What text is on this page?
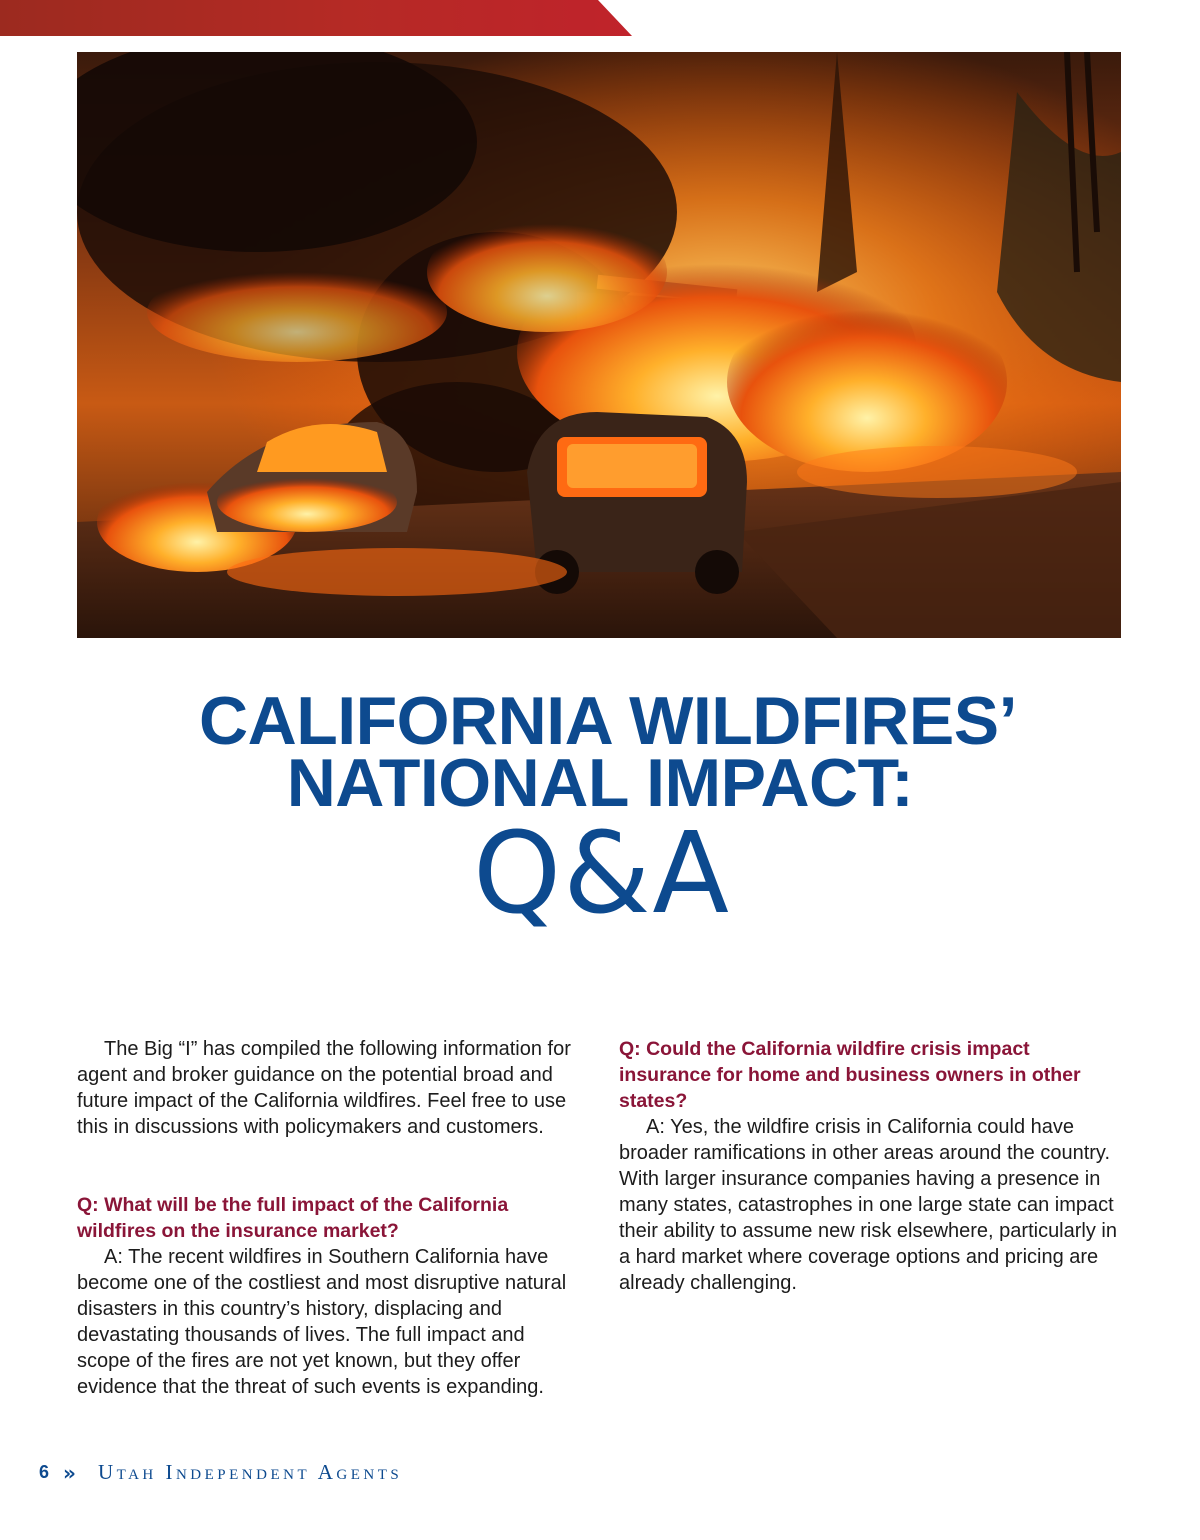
CALIFORNIA WILDFIRES’

NATIONAL IMPACT:

Q&A

The Big “I” has compiled the following information for agent and broker guidance on the potential broad and future impact of the California wildfires. Feel free to use this in discussions with policymakers and customers.

Q: What will be the full impact of the California wildfires on the insurance market?

A: The recent wildfires in Southern California have become one of the costliest and most disruptive natural disasters in this country’s history, displacing and devastating thousands of lives. The full impact and scope of the fires are not yet known, but they offer evidence that the threat of such events is expanding.

Q: Could the California wildfire crisis impact insurance for home and business owners in other states?

A: Yes, the wildfire crisis in California could have broader ramifications in other areas around the country. With larger insurance companies having a presence in many states, catastrophes in one large state can impact their ability to assume new risk elsewhere, particularly in a hard market where coverage options and pricing are already challenging.

6 » Utah Independent Agents
